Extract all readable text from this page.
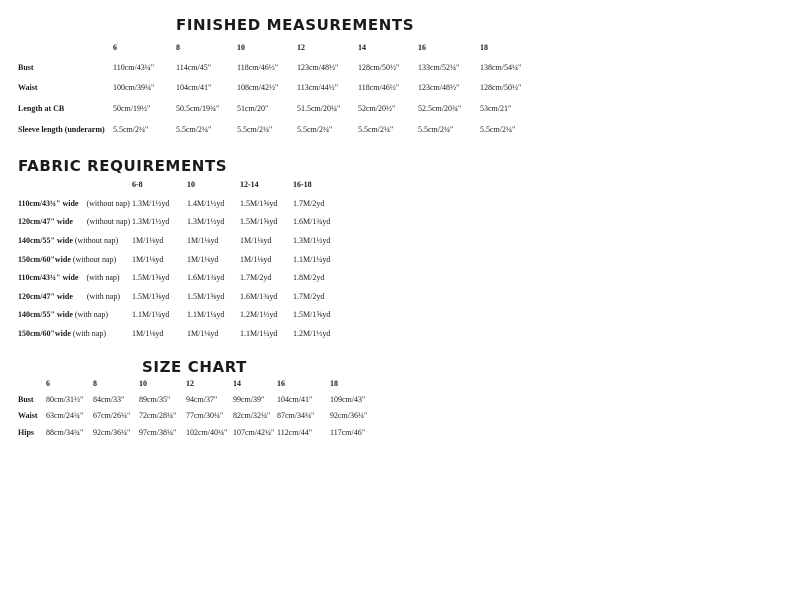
FINISHED MEASUREMENTS
6	8	10	12	14	16	18
Bust	110cm/43¼"	114cm/45"	118cm/46½" 123cm/48½" 128cm/50½" 133cm/52¼"	138cm/54¼"
Waist	100cm/39¼"	104cm/41"	108cm/42½" 113cm/44½"	118cm/46½" 123cm/48½"	128cm/50½"
Length at CB	50cm/19½"	50.5cm/19¾" 51cm/20"	51.5cm/20¼" 52cm/20½"	52.5cm/20¾" 53cm/21"
Sleeve length (underarm) 5.5cm/2¼"	5.5cm/2¼"	5.5cm/2¼"	5.5cm/2¼"	5.5cm/2¼"	5.5cm/2¼"	5.5cm/2¼"
FABRIC REQUIREMENTS
6-8	10	12-14	16-18
110cm/43¼" wide (without nap) 1.3M/1½yd 1.4M/1½yd 1.5M/1⅝yd 1.7M/2yd
120cm/47" wide (without nap) 1.3M/1½yd 1.3M/1½yd 1.5M/1⅝yd 1.6M/1¾yd
140cm/55" wide (without nap) 1M/1⅛yd	1M/1⅛yd	1M/1⅛yd	1.3M/1½yd
150cm/60"wide (without nap) 1M/1⅛yd	1M/1⅛yd	1M/1⅛yd	1.1M/1¼yd
110cm/43¼" wide (with nap) 1.5M/1⅝yd 1.6M/1¾yd 1.7M/2yd	1.8M/2yd
120cm/47" wide (with nap) 1.5M/1⅝yd 1.5M/1⅝yd 1.6M/1¾yd 1.7M/2yd
140cm/55" wide (with nap)	1.1M/1¼yd 1.1M/1¼yd 1.2M/1⅓yd 1.5M/1⅝yd
150cm/60"wide (with nap)	1M/1⅛yd	1M/1⅛yd	1.1M/1¼yd 1.2M/1⅓yd
SIZE CHART
6	8	10	12	14	16	18
Bust 80cm/31½" 84cm/33" 89cm/35" 94cm/37" 99cm/39" 104cm/41" 109cm/43"
Waist 63cm/24¾" 67cm/26¼" 72cm/28¼" 77cm/30¼" 82cm/32¼" 87cm/34¼" 92cm/36¼"
Hips 88cm/34¾" 92cm/36¼" 97cm/38¼" 102cm/40¼" 107cm/42¼" 112cm/44" 117cm/46"
